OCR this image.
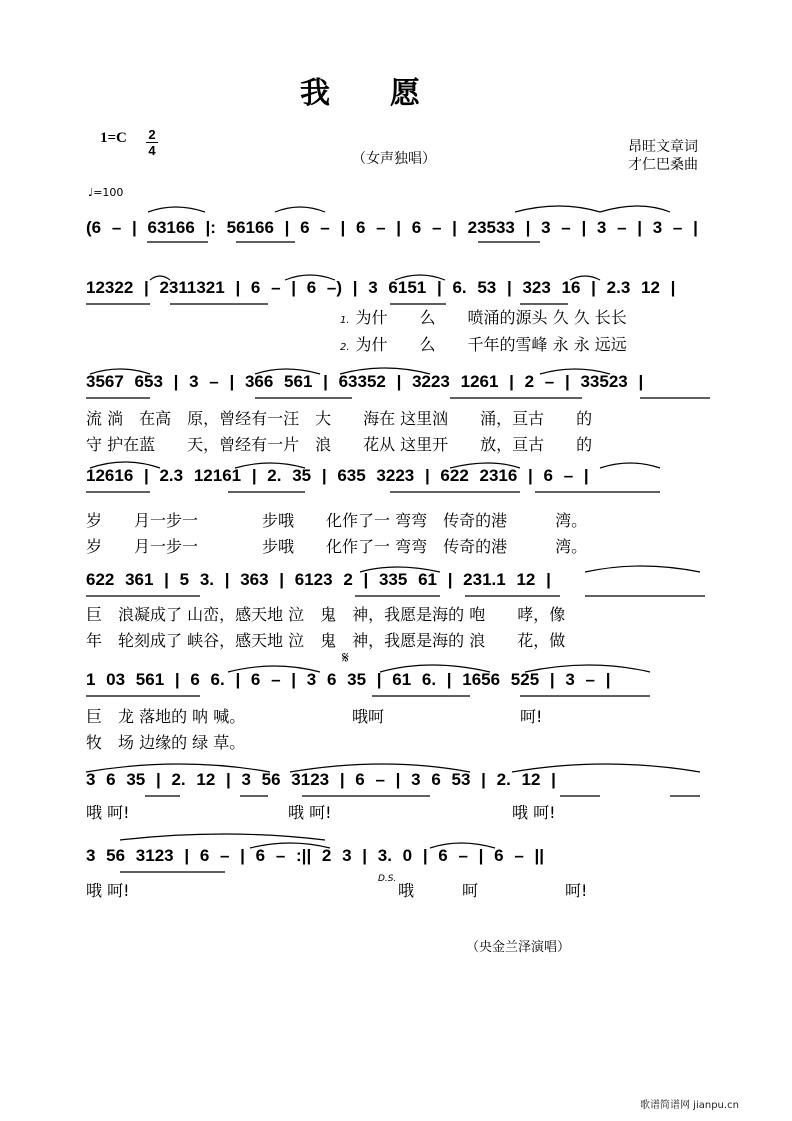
我　　愿
1=C 2
4
（女声独唱）
昂旺文章词
才仁巴桑曲
♩=100
(6 – | 63166 |: 56166 | 6 – | 6 – | 6 – | 23533 | 3 – | 3 – | 3 – |
12322 | 2311321 | 6 – | 6 –) | 3 6151 | 6. 53 | 323 16 | 2.3 12 |
1. 为什　　么　　喷涌的源头 久 久 长长
2. 为什　　么　　千年的雪峰 永 永 远远
3567 653 | 3 – | 366 561 | 63352 | 3223 1261 | 2 – | 33523 |
流 淌　在高　原，曾经有一汪　大　　海在 这里汹　　涌，亘古　　的
守 护在蓝　　天，曾经有一片　浪　　花从 这里开　　放，亘古　　的
12616 | 2.3 12161 | 2. 35 | 635 3223 | 622 2316 | 6 – |
岁　　月一步一　　　　步哦　　化作了一 弯弯　传奇的港　　　湾。
岁　　月一步一　　　　步哦　　化作了一 弯弯　传奇的港　　　湾。
622 361 | 5 3. | 363 | 6123 2 | 335 61 | 231.1 12 |
巨　浪凝成了 山峦，感天地 泣　鬼　神，我愿是海的 咆　　哮，像
年　轮刻成了 峡谷，感天地 泣　鬼　神，我愿是海的 浪　　花，做
1 03 561 | 6 6. | 6 – | 3 6 35 | 61 6. | 1656 525 | 3 – |
𝄋
巨　龙 落地的 呐 喊。	哦呵	呵!
牧　场 边缘的 绿 草。
3 6 35 | 2. 12 | 3 56 3123 | 6 – | 3 6 53 | 2. 12 |
哦 呵!	哦 呵!	哦 呵!
3 56 3123 | 6 – | 6 – :|| 2 3 | 3. 0 | 6 – | 6 – ||
哦 呵!
D.S.
哦　　　呵	呵!
（央金兰泽演唱）
歌谱简谱网 jianpu.cn
